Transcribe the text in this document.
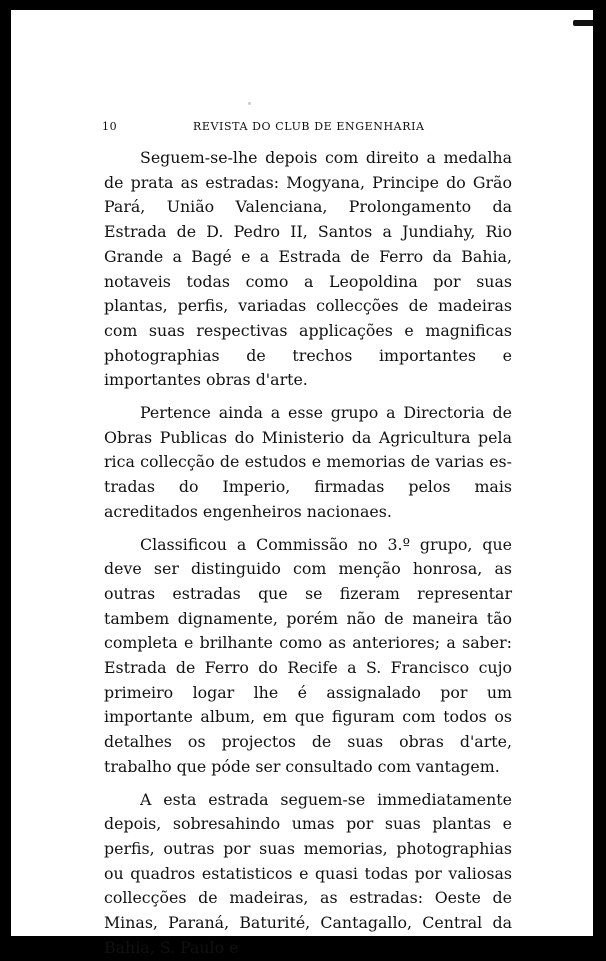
10	REVISTA DO CLUB DE ENGENHARIA

Seguem-se-lhe depois com direito a medalha de prata as estradas: Mogyana, Principe do Grão Pará, União Valenciana, Prolongamento da Estrada de D. Pedro II, Santos a Jundiahy, Rio Grande a Bagé e a Estrada de Ferro da Bahia, notaveis todas como a Leopoldina por suas plantas, perfis, variadas collecções de madeiras com suas respectivas applicações e magnificas photographias de trechos importantes e importantes obras d'arte.

Pertence ainda a esse grupo a Directoria de Obras Publicas do Ministerio da Agricultura pela rica collecção de estudos e memorias de varias estradas do Imperio, firmadas pelos mais acreditados engenheiros nacionaes.

Classificou a Commissão no 3.º grupo, que deve ser distinguido com menção honrosa, as outras estradas que se fizeram representar tambem dignamente, porém não de maneira tão completa e brilhante como as anteriores; a saber: Estrada de Ferro do Recife a S. Francisco cujo primeiro logar lhe é assignalado por um importante album, em que figuram com todos os detalhes os projectos de suas obras d'arte, trabalho que póde ser consultado com vantagem.

A esta estrada seguem-se immediatamente depois, sobresahindo umas por suas plantas e perfis, outras por suas memorias, photographias ou quadros estatisticos e quasi todas por valiosas collecções de madeiras, as estradas: Oeste de Minas, Paraná, Baturité, Cantagallo, Central da Bahia, S. Paulo e
